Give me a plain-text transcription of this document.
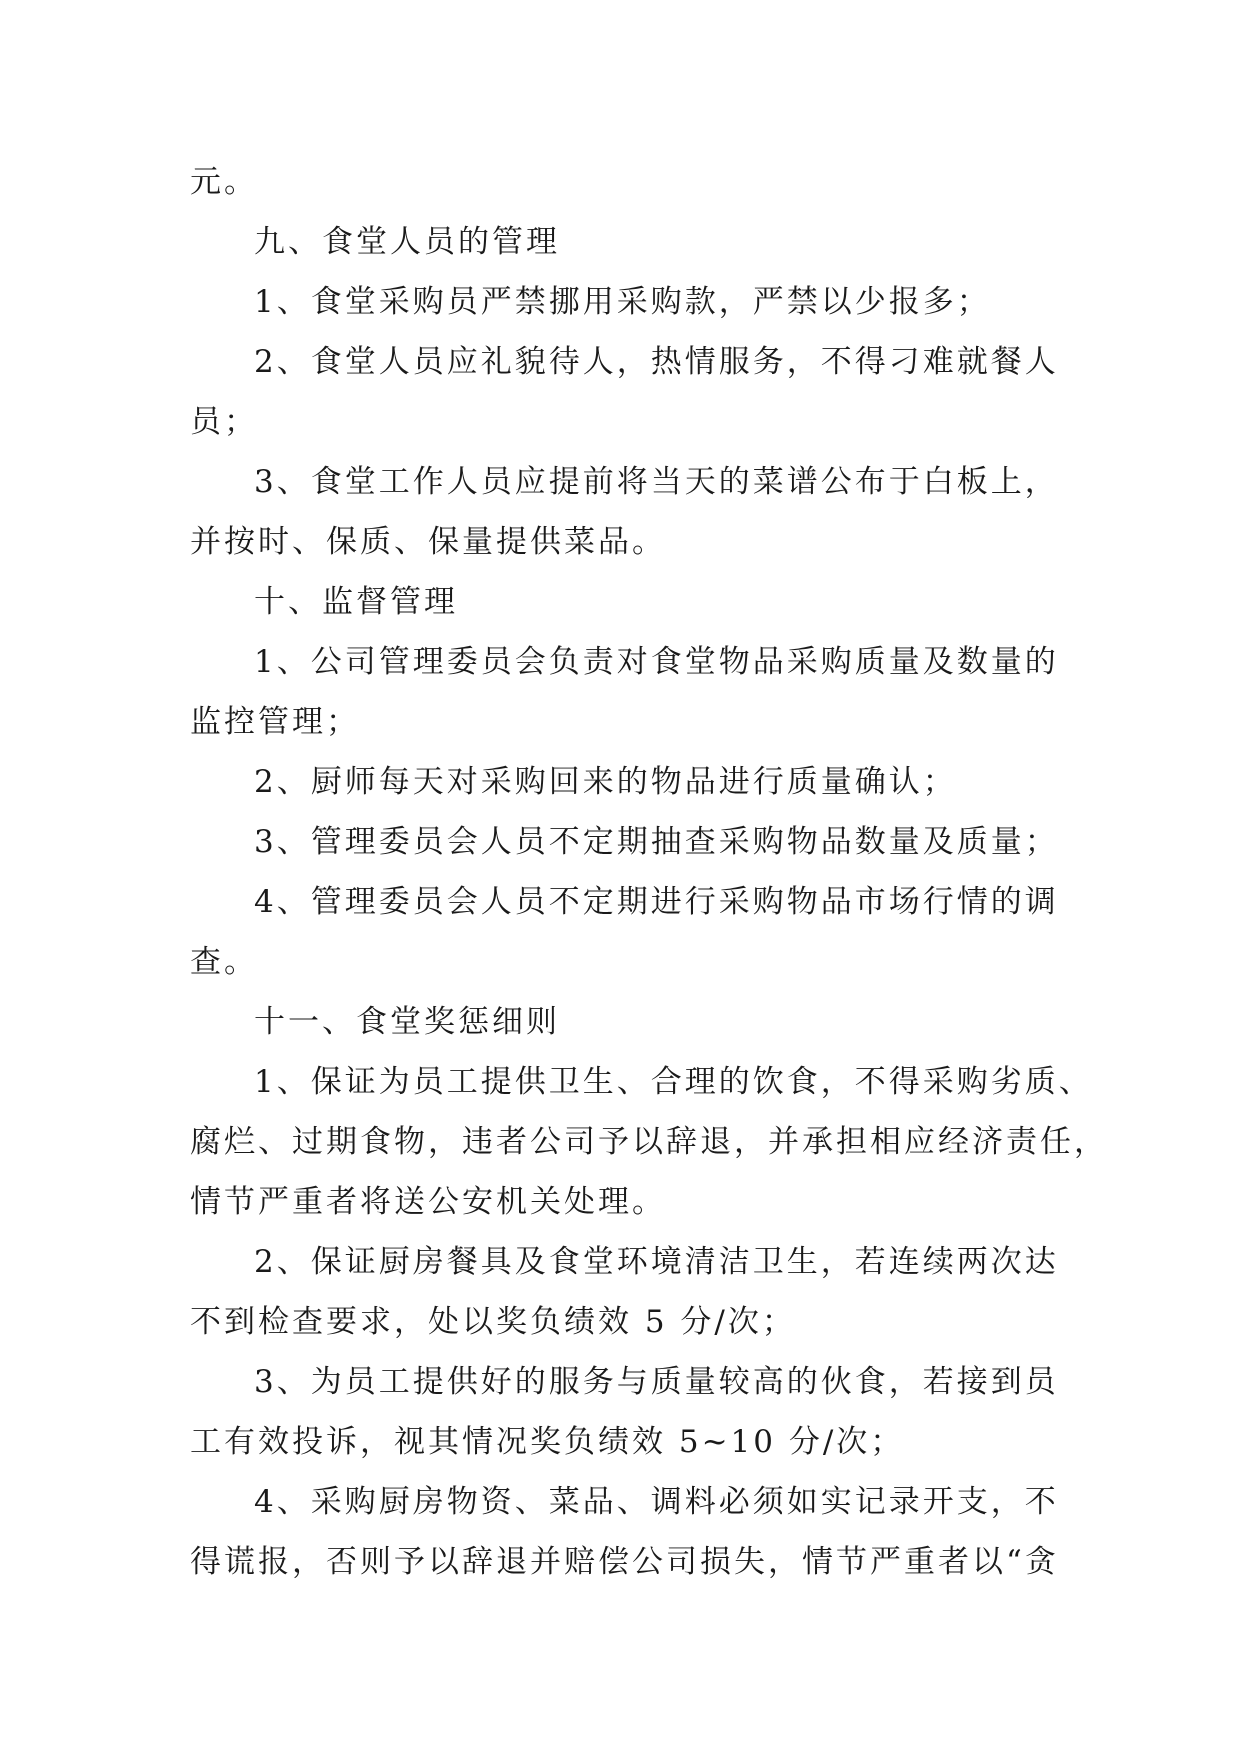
元。
九、食堂人员的管理
1、食堂采购员严禁挪用采购款，严禁以少报多；
2、食堂人员应礼貌待人，热情服务，不得刁难就餐人
员；
3、食堂工作人员应提前将当天的菜谱公布于白板上，
并按时、保质、保量提供菜品。
十、监督管理
1、公司管理委员会负责对食堂物品采购质量及数量的
监控管理；
2、厨师每天对采购回来的物品进行质量确认；
3、管理委员会人员不定期抽查采购物品数量及质量；
4、管理委员会人员不定期进行采购物品市场行情的调
查。
十一、食堂奖惩细则
1、保证为员工提供卫生、合理的饮食，不得采购劣质、
腐烂、过期食物，违者公司予以辞退，并承担相应经济责任，
情节严重者将送公安机关处理。
2、保证厨房餐具及食堂环境清洁卫生，若连续两次达
不到检查要求，处以奖负绩效 5 分/次；
3、为员工提供好的服务与质量较高的伙食，若接到员
工有效投诉，视其情况奖负绩效 5~10 分/次；
4、采购厨房物资、菜品、调料必须如实记录开支，不
得谎报，否则予以辞退并赔偿公司损失，情节严重者以“贪
